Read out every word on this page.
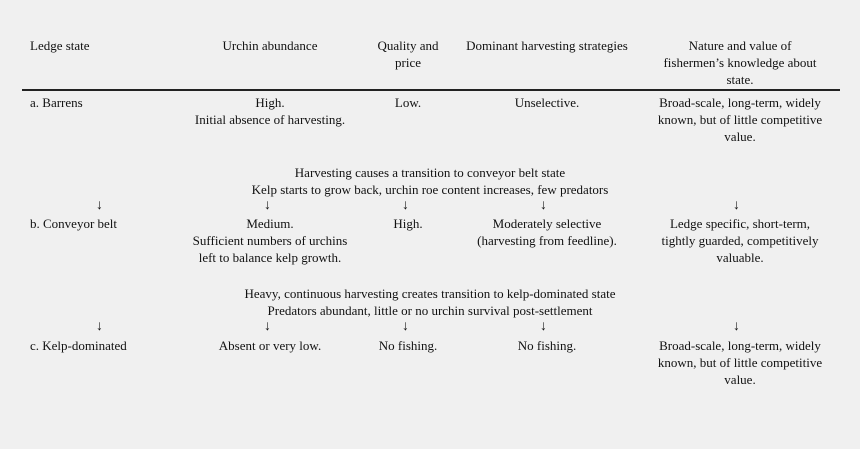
Ledge state	Urchin abundance	Quality and
price
Dominant harvesting strategies	Nature and value of
fishermen’s knowledge about
state.
a. Barrens	High.
Initial absence of harvesting.
Low.	Unselective.	Broad-scale, long-term, widely
known, but of little competitive
value.
Harvesting causes a transition to conveyor belt state
Kelp starts to grow back, urchin roe content increases, few predators
↓	↓	↓	↓	↓
b. Conveyor belt	Medium.
Sufficient numbers of urchins
left to balance kelp growth.
High.	Moderately selective
(harvesting from feedline).
Ledge specific, short-term,
tightly guarded, competitively
valuable.
Heavy, continuous harvesting creates transition to kelp-dominated state
Predators abundant, little or no urchin survival post-settlement
↓	↓	↓	↓	↓
c. Kelp-dominated	Absent or very low.	No fishing.	No fishing.	Broad-scale, long-term, widely
known, but of little competitive
value.
